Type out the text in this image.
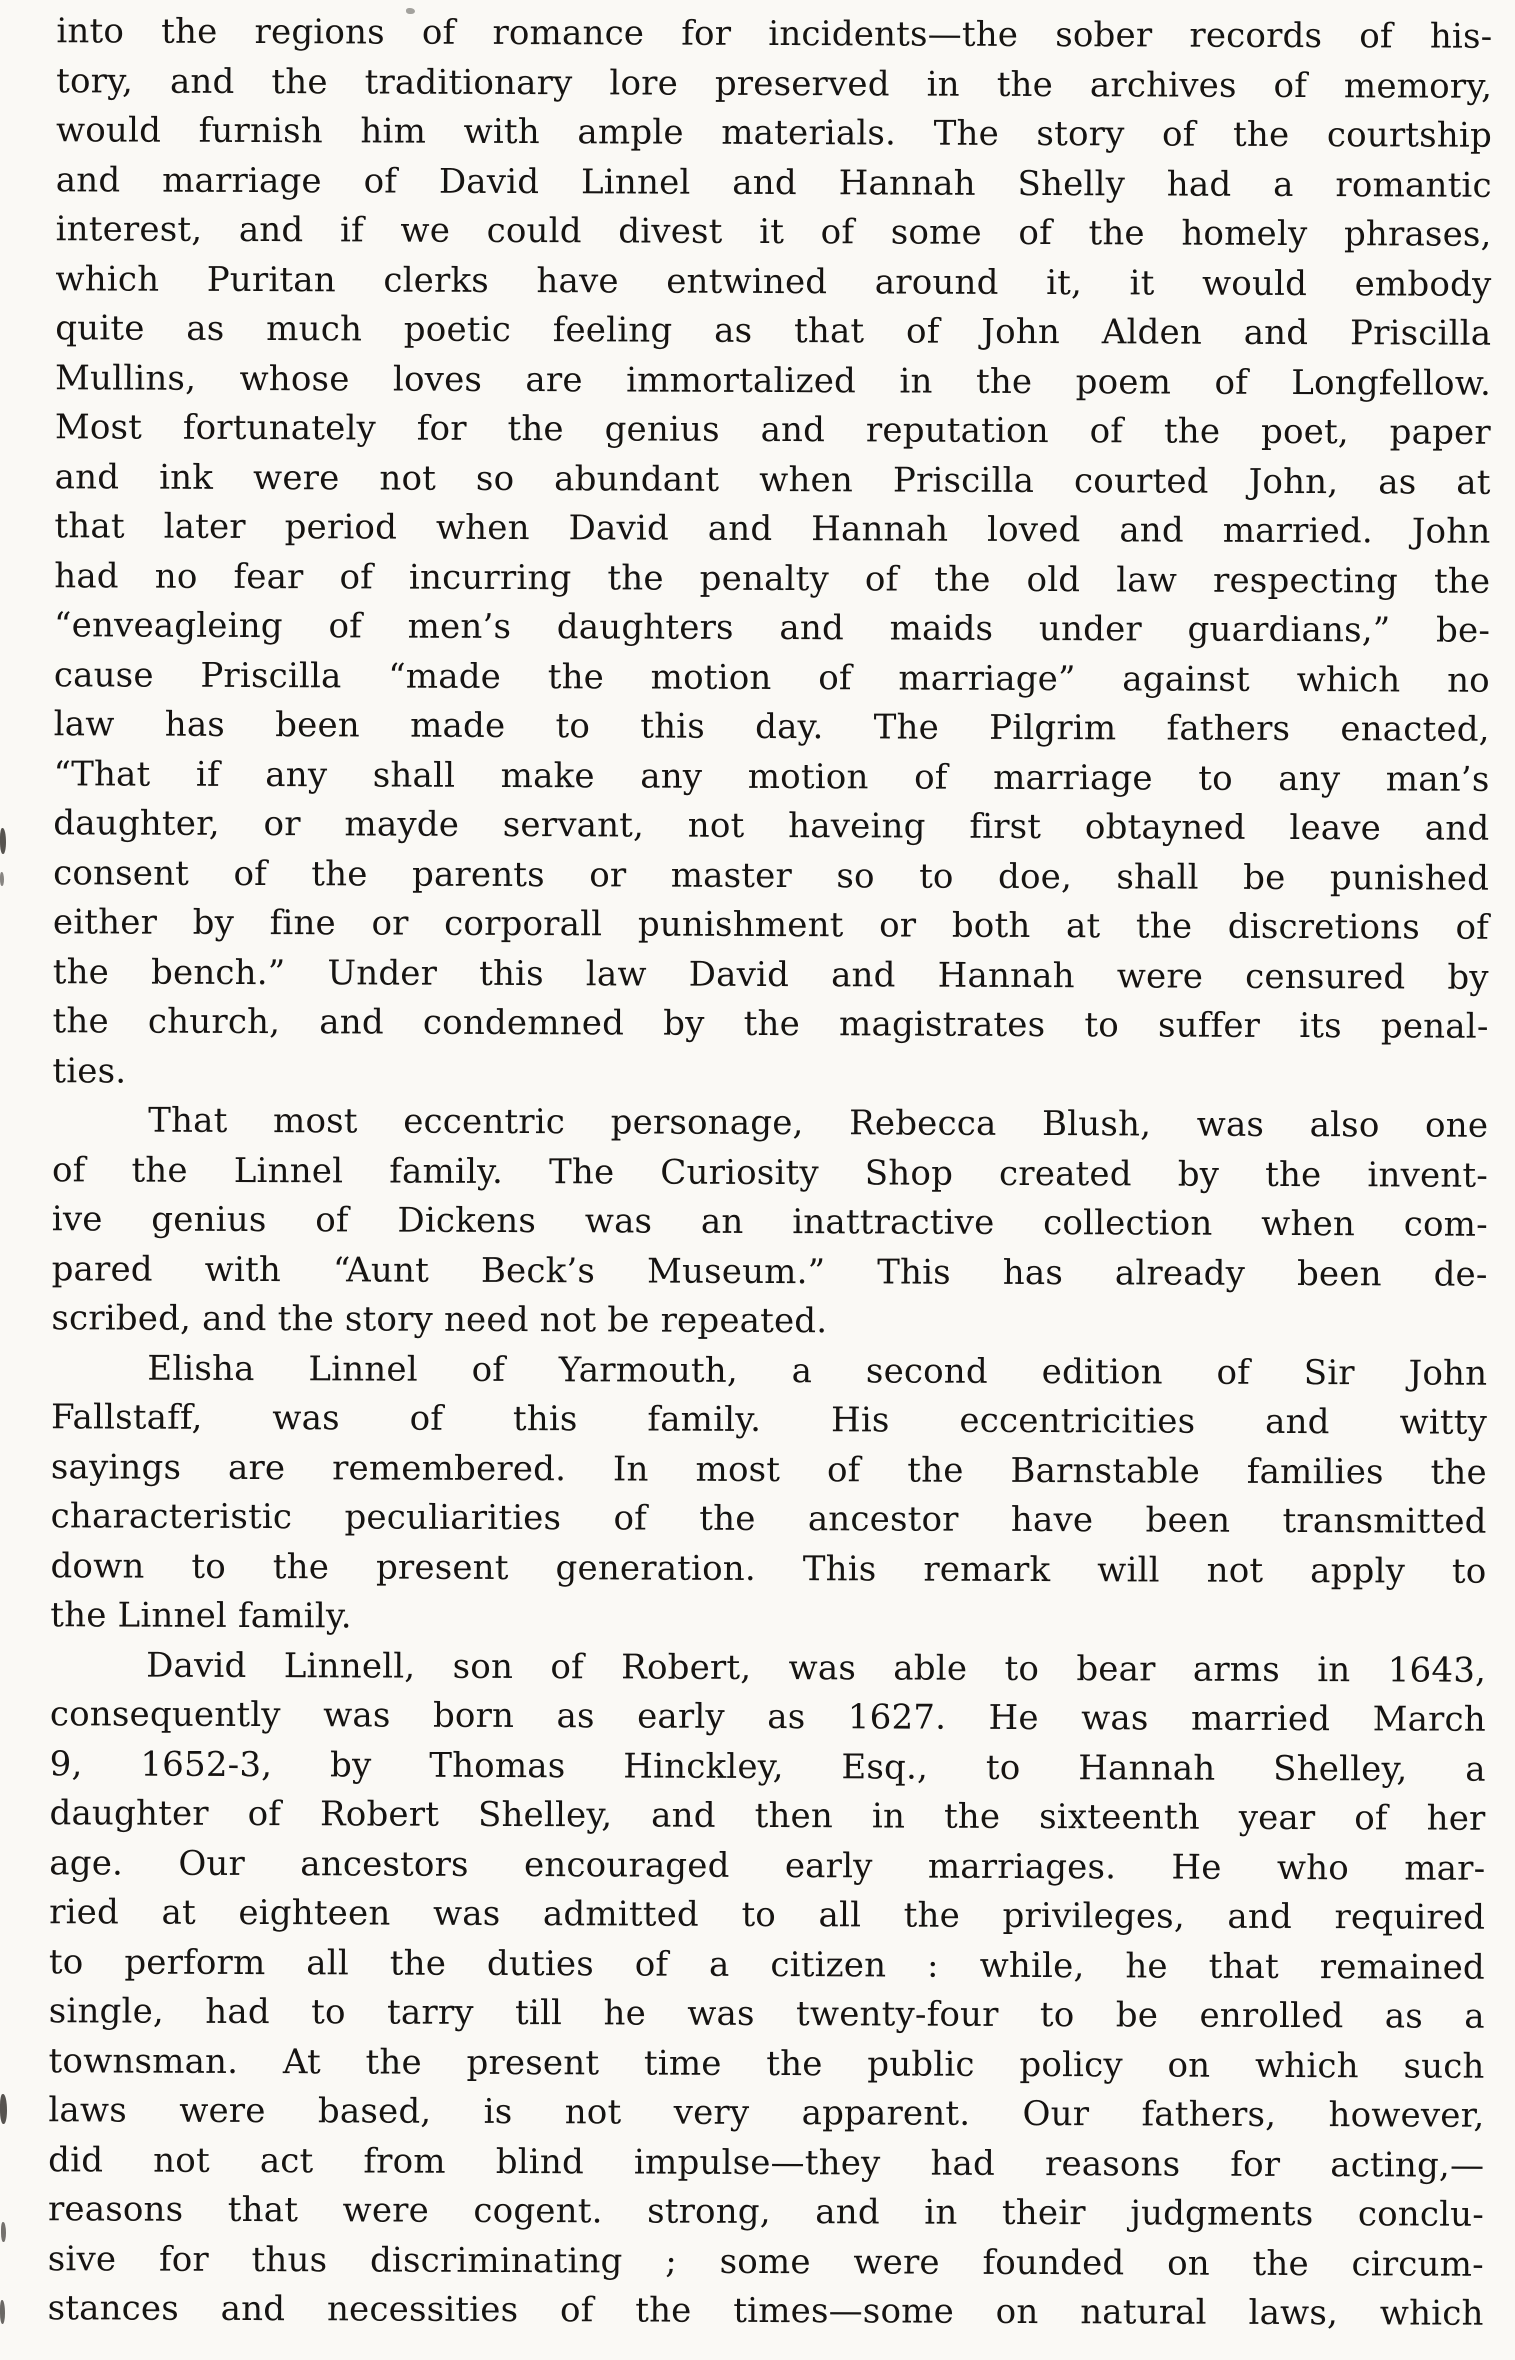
into the regions of romance for incidents—the sober records of his-
tory, and the traditionary lore preserved in the archives of memory,
would furnish him with ample materials. The story of the courtship
and marriage of David Linnel and Hannah Shelly had a romantic
interest, and if we could divest it of some of the homely phrases,
which Puritan clerks have entwined around it, it would embody
quite as much poetic feeling as that of John Alden and Priscilla
Mullins, whose loves are immortalized in the poem of Longfellow.
Most fortunately for the genius and reputation of the poet, paper
and ink were not so abundant when Priscilla courted John, as at
that later period when David and Hannah loved and married. John
had no fear of incurring the penalty of the old law respecting the
“enveagleing of men’s daughters and maids under guardians,” be-
cause Priscilla “made the motion of marriage” against which no
law has been made to this day. The Pilgrim fathers enacted,
“That if any shall make any motion of marriage to any man’s
daughter, or mayde servant, not haveing first obtayned leave and
consent of the parents or master so to doe, shall be punished
either by fine or corporall punishment or both at the discretions of
the bench.” Under this law David and Hannah were censured by
the church, and condemned by the magistrates to suffer its penal-
ties.
That most eccentric personage, Rebecca Blush, was also one
of the Linnel family. The Curiosity Shop created by the invent-
ive genius of Dickens was an inattractive collection when com-
pared with “Aunt Beck’s Museum.” This has already been de-
scribed, and the story need not be repeated.
Elisha Linnel of Yarmouth, a second edition of Sir John
Fallstaff, was of this family. His eccentricities and witty
sayings are remembered. In most of the Barnstable families the
characteristic peculiarities of the ancestor have been transmitted
down to the present generation. This remark will not apply to
the Linnel family.
David Linnell, son of Robert, was able to bear arms in 1643,
consequently was born as early as 1627. He was married March
9, 1652-3, by Thomas Hinckley, Esq., to Hannah Shelley, a
daughter of Robert Shelley, and then in the sixteenth year of her
age. Our ancestors encouraged early marriages. He who mar-
ried at eighteen was admitted to all the privileges, and required
to perform all the duties of a citizen : while, he that remained
single, had to tarry till he was twenty-four to be enrolled as a
townsman. At the present time the public policy on which such
laws were based, is not very apparent. Our fathers, however,
did not act from blind impulse—they had reasons for acting,—
reasons that were cogent. strong, and in their judgments conclu-
sive for thus discriminating ; some were founded on the circum-
stances and necessities of the times—some on natural laws, which
